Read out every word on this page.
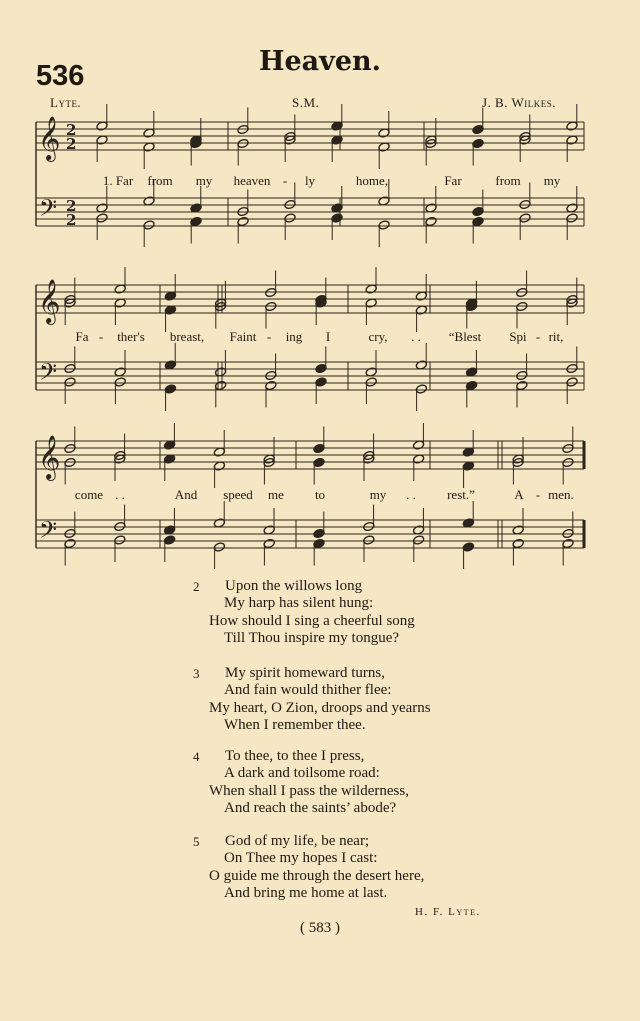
Heaven.
536
Lyte.	S.M.	J. B. Wilkes.
𝄞
𝄢
𝄞
𝄢
𝄞
𝄢
2
2
2
2
1. Far from my heaven - ly	home,	Far	from my
Fa - ther's breast, Faint - ing I	cry, . . “Blest Spi - rit,
come . .	And speed me to	my . . rest.”	A - men.
2 Upon the willows long
My harp has silent hung:
How should I sing a cheerful song
Till Thou inspire my tongue?
3 My spirit homeward turns,
And fain would thither flee:
My heart, O Zion, droops and yearns
When I remember thee.
4 To thee, to thee I press,
A dark and toilsome road:
When shall I pass the wilderness,
And reach the saints’ abode?
5 God of my life, be near;
On Thee my hopes I cast:
O guide me through the desert here,
And bring me home at last.
H. F. Lyte.
( 583 )
